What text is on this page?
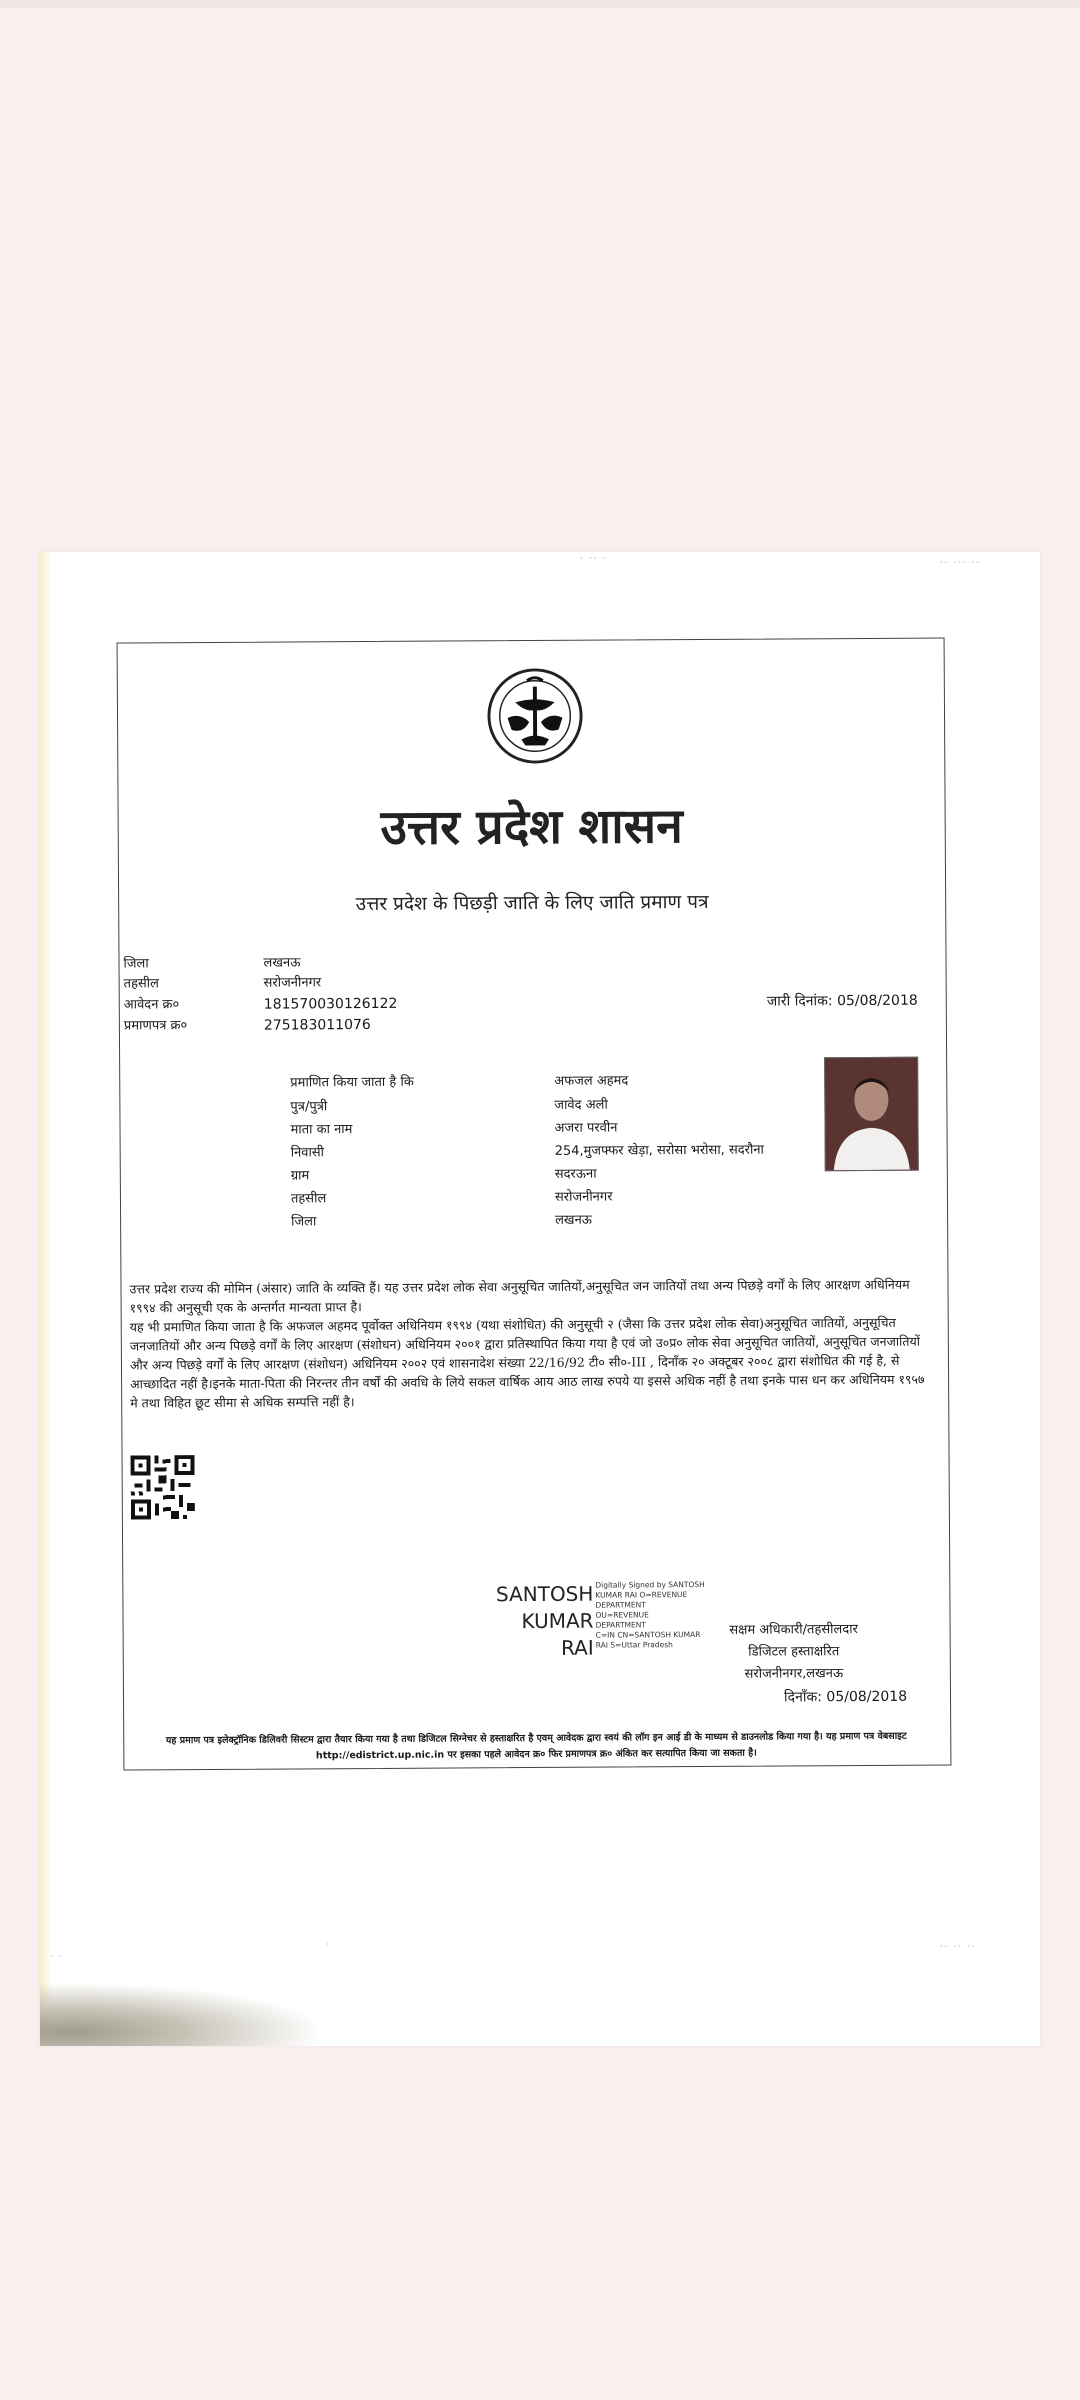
· ·· ·	·· ··· ··
· ·
·	·· ·· ··
उत्तर प्रदेश शासन
उत्तर प्रदेश के पिछड़ी जाति के लिए जाति प्रमाण पत्र
जिला	लखनऊ
तहसील	सरोजनीनगर
आवेदन क्र०	181570030126122
प्रमाणपत्र क्र०	275183011076
जारी दिनांक: 05/08/2018
प्रमाणित किया जाता है कि	अफजल अहमद
पुत्र/पुत्री	जावेद अली
माता का नाम	अजरा परवीन
निवासी	254,मुजफ्फर खेड़ा, सरोसा भरोसा, सदरौना
ग्राम	सदरऊना
तहसील	सरोजनीनगर
जिला	लखनऊ

उत्तर प्रदेश राज्य की मोमिन (अंसार) जाति के व्यक्ति हैं। यह उत्तर प्रदेश लोक सेवा अनुसूचित जातियों,अनुसूचित जन जातियों तथा अन्य पिछड़े वर्गों के लिए आरक्षण अधिनियम १९९४ की अनुसूची एक के अन्तर्गत मान्यता प्राप्त है।

यह भी प्रमाणित किया जाता है कि अफजल अहमद पूर्वोक्त अधिनियम १९९४ (यथा संशोधित) की अनुसूची २ (जैसा कि उत्तर प्रदेश लोक सेवा)अनुसूचित जातियों, अनुसूचित जनजातियों और अन्य पिछड़े वर्गों के लिए आरक्षण (संशोधन) अधिनियम २००१ द्वारा प्रतिस्थापित किया गया है एवं जो उ०प्र० लोक सेवा अनुसूचित जातियों, अनुसूचित जनजातियों और अन्य पिछड़े वर्गों के लिए आरक्षण (संशोधन) अधिनियम २००२ एवं शासनादेश संख्या 22/16/92 टी० सी०-III , दिनाँक २० अक्टूबर २००८ द्वारा संशोधित की गई है, से आच्छादित नहीं है।इनके माता-पिता की निरन्तर तीन वर्षों की अवधि के लिये सकल वार्षिक आय आठ लाख रुपये या इससे अधिक नहीं है तथा इनके पास धन कर अधिनियम १९५७ मे तथा विहित छूट सीमा से अधिक सम्पत्ति नहीं है।

SANTOSH
KUMAR
RAI
Digitally Signed by SANTOSH
KUMAR RAI O=REVENUE
DEPARTMENT
OU=REVENUE
DEPARTMENT
C=IN CN=SANTOSH KUMAR
RAI S=Uttar Pradesh
सक्षम अधिकारी/तहसीलदार
डिजिटल हस्ताक्षरित
सरोजनीनगर,लखनऊ
दिनाँक: 05/08/2018
यह प्रमाण पत्र इलेक्ट्रॉनिक डिलिवरी सिस्टम द्वारा तैयार किया गया है तथा डिजिटल सिग्नेचर से हस्ताक्षरित है एवम् आवेदक द्वारा स्वयं की लॉग इन आई डी के माध्यम से डाउनलोड किया गया है। यह प्रमाण पत्र वेबसाइट http://edistrict.up.nic.in पर इसका पहले आवेदन क्र० फिर प्रमाणपत्र क्र० अंकित कर सत्यापित किया जा सकता है।
